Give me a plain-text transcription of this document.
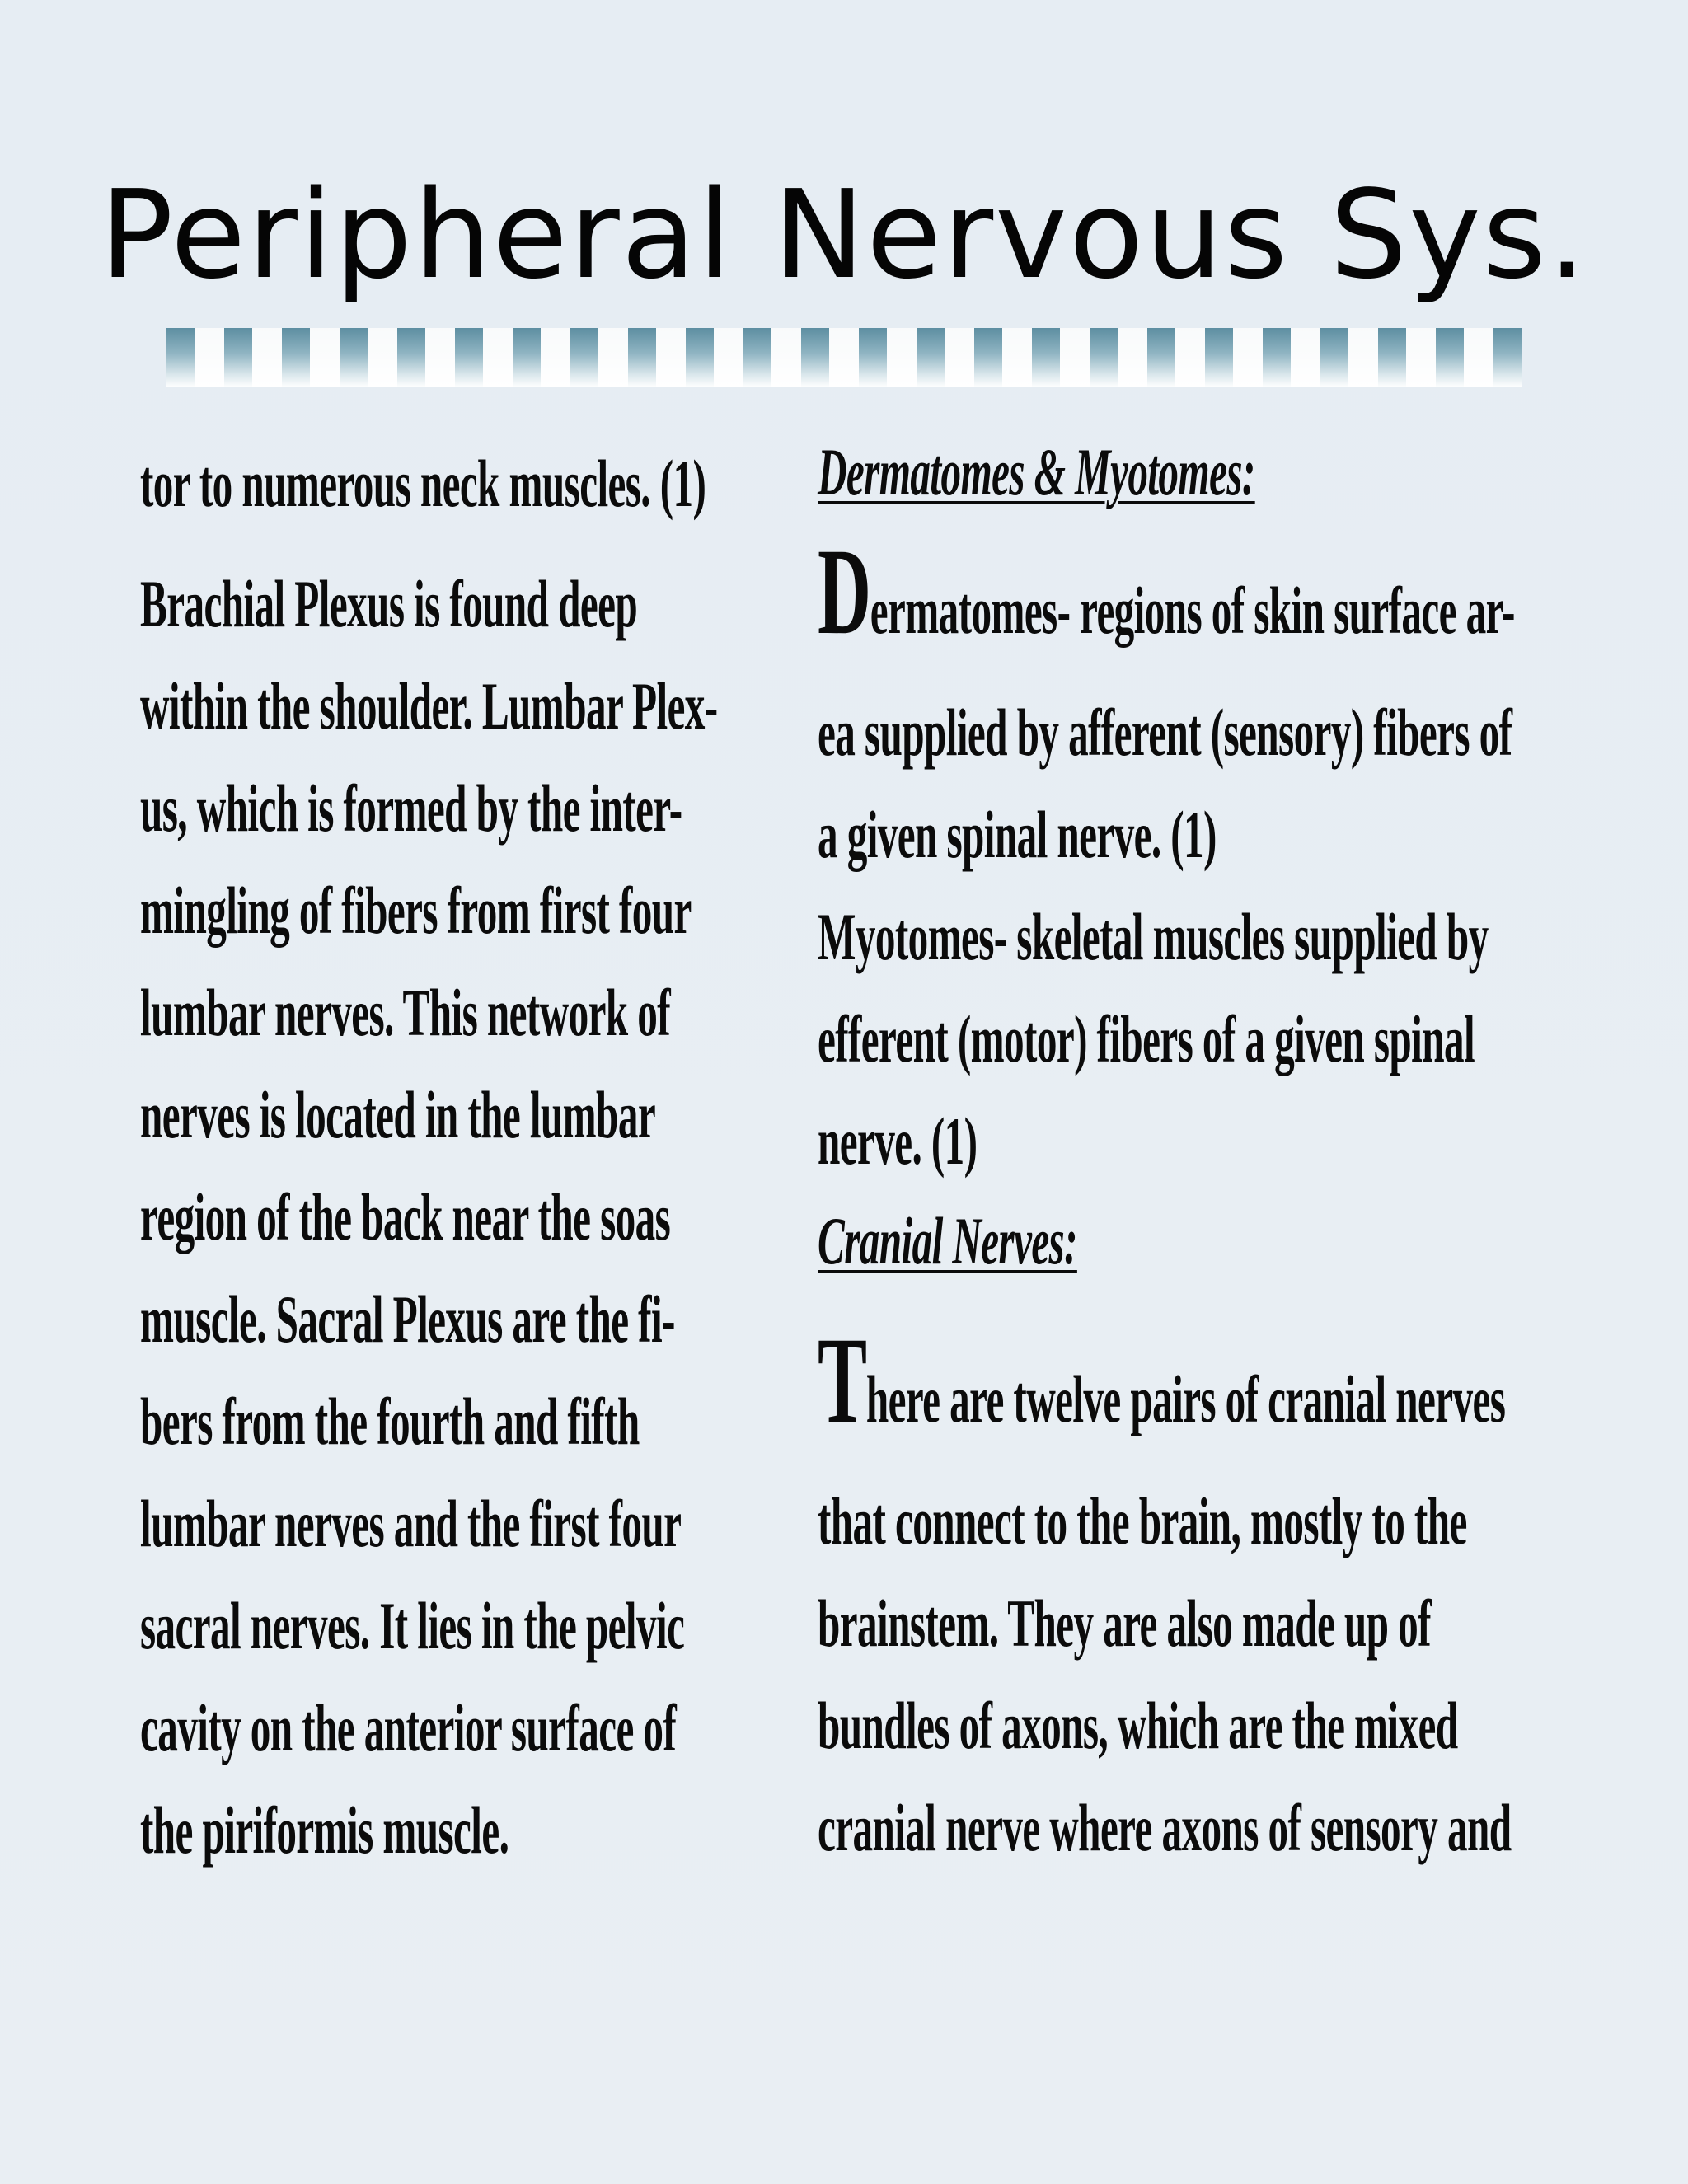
Peripheral Nervous Sys.
tor to numerous neck muscles. (1)
Brachial Plexus is found deep
within the shoulder. Lumbar Plex-
us, which is formed by the inter-
mingling of fibers from first four
lumbar nerves. This network of
nerves is located in the lumbar
region of the back near the soas
muscle. Sacral Plexus are the fi-
bers from the fourth and fifth
lumbar nerves and the first four
sacral nerves. It lies in the pelvic
cavity on the anterior surface of
the piriformis muscle.
Dermatomes & Myotomes:
Dermatomes- regions of skin surface ar-
ea supplied by afferent (sensory) fibers of
a given spinal nerve. (1)
Myotomes- skeletal muscles supplied by
efferent (motor) fibers of a given spinal
nerve. (1)
Cranial Nerves:
There are twelve pairs of cranial nerves
that connect to the brain, mostly to the
brainstem. They are also made up of
bundles of axons, which are the mixed
cranial nerve where axons of sensory and
